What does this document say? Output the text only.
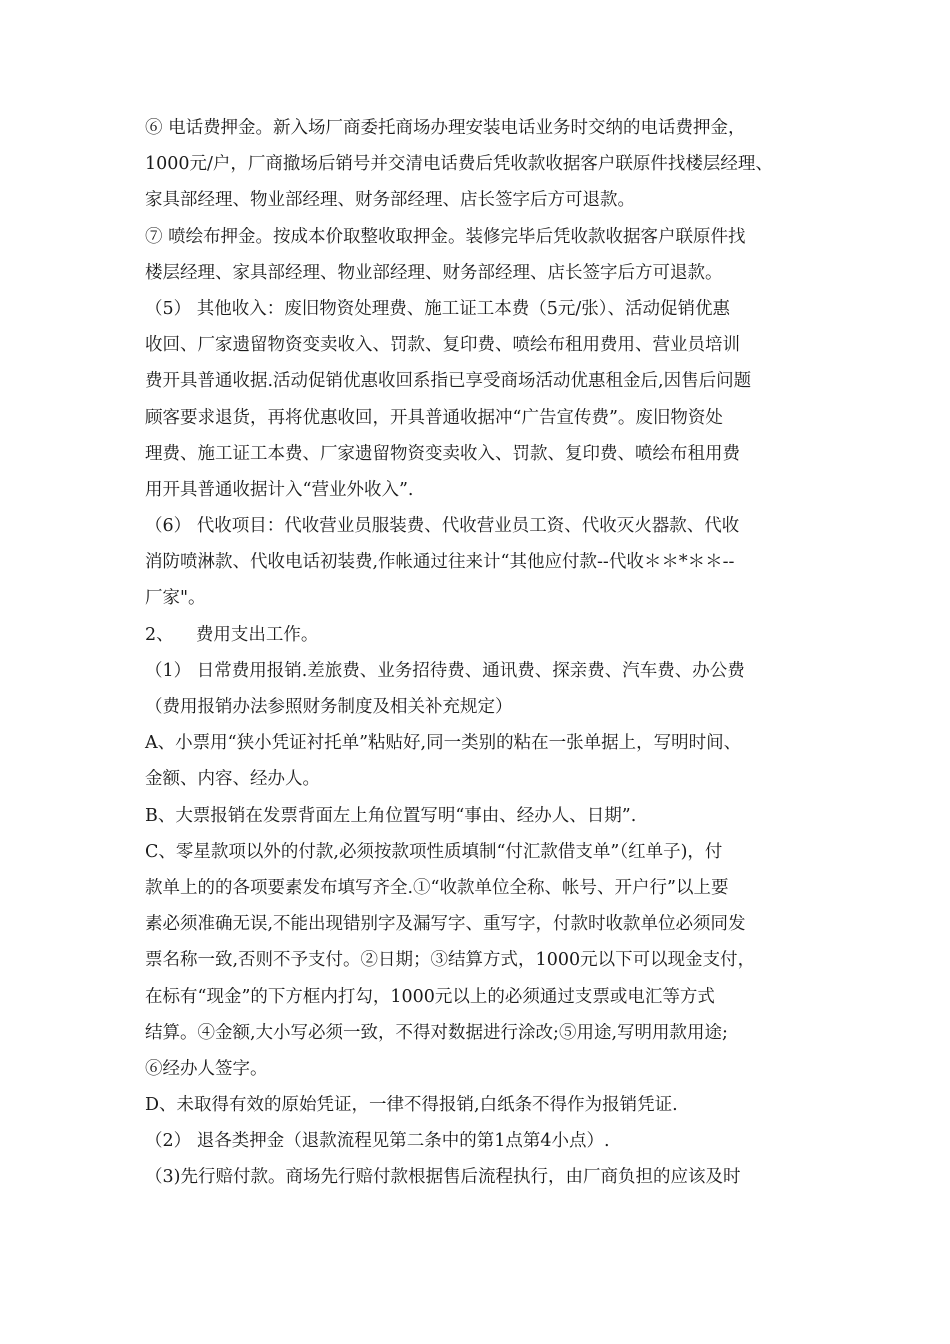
⑥ 电话费押金。新入场厂商委托商场办理安装电话业务时交纳的电话费押金，
1000元/户，厂商撤场后销号并交清电话费后凭收款收据客户联原件找楼层经理、
家具部经理、物业部经理、财务部经理、店长签字后方可退款。
⑦ 喷绘布押金。按成本价取整收取押金。装修完毕后凭收款收据客户联原件找
楼层经理、家具部经理、物业部经理、财务部经理、店长签字后方可退款。
（5） 其他收入：废旧物资处理费、施工证工本费（5元/张）、活动促销优惠
收回、厂家遗留物资变卖收入、罚款、复印费、喷绘布租用费用、营业员培训
费开具普通收据.活动促销优惠收回系指已享受商场活动优惠租金后,因售后问题
顾客要求退货，再将优惠收回，开具普通收据冲“广告宣传费”。废旧物资处
理费、施工证工本费、厂家遗留物资变卖收入、罚款、复印费、喷绘布租用费
用开具普通收据计入“营业外收入”.
（6） 代收项目：代收营业员服装费、代收营业员工资、代收灭火器款、代收
消防喷淋款、代收电话初装费,作帐通过往来计“其他应付款--代收＊＊*＊＊--
厂家"。
2、    费用支出工作。
（1） 日常费用报销.差旅费、业务招待费、通讯费、探亲费、汽车费、办公费
（费用报销办法参照财务制度及相关补充规定）
A、小票用“狭小凭证衬托单”粘贴好,同一类别的粘在一张单据上，写明时间、
金额、内容、经办人。
B、大票报销在发票背面左上角位置写明“事由、经办人、日期”.
C、零星款项以外的付款,必须按款项性质填制“付汇款借支单”（红单子)，付
款单上的的各项要素发布填写齐全.①“收款单位全称、帐号、开户行”以上要
素必须准确无误,不能出现错别字及漏写字、重写字，付款时收款单位必须同发
票名称一致,否则不予支付。②日期；③结算方式，1000元以下可以现金支付，
在标有“现金”的下方框内打勾，1000元以上的必须通过支票或电汇等方式
结算。④金额,大小写必须一致，不得对数据进行涂改;⑤用途,写明用款用途;
⑥经办人签字。
D、未取得有效的原始凭证，一律不得报销,白纸条不得作为报销凭证.
（2） 退各类押金（退款流程见第二条中的第1点第4小点）.
（3)先行赔付款。商场先行赔付款根据售后流程执行，由厂商负担的应该及时
